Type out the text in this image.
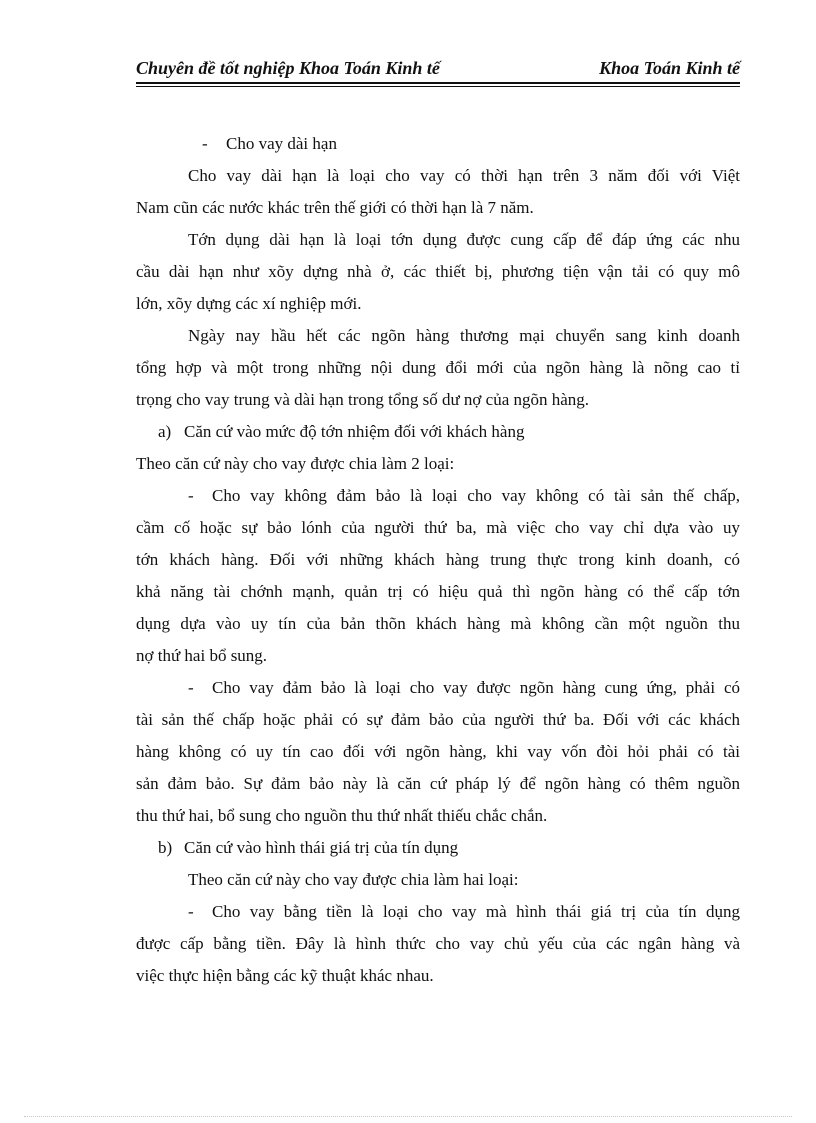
Chuyên đề tốt nghiệp Khoa Toán Kinh tế	Khoa Toán Kinh tế
- Cho vay dài hạn
Cho vay dài hạn là loại cho vay có thời hạn trên 3 năm đối với Việt
Nam cũn các nước khác trên thế giới có thời hạn là 7 năm.
Tớn dụng dài hạn là loại tớn dụng được cung cấp để đáp ứng các nhu
cầu dài hạn như xõy dựng nhà ở, các thiết bị, phương tiện vận tải có quy mô
lớn, xõy dựng các xí nghiệp mới.
Ngày nay hầu hết các ngõn hàng thương mại chuyển sang kinh doanh
tổng hợp và một trong những nội dung đổi mới của ngõn hàng là nõng cao tỉ
trọng cho vay trung và dài hạn trong tổng số dư nợ của ngõn hàng.
a) Căn cứ vào mức độ tớn nhiệm đối với khách hàng
Theo căn cứ này cho vay được chia làm 2 loại:
- Cho vay không đảm bảo là loại cho vay không có tài sản thế chấp,
cầm cố hoặc sự bảo lónh của người thứ ba, mà việc cho vay chỉ dựa vào uy
tớn khách hàng. Đối với những khách hàng trung thực trong kinh doanh, có
khả năng tài chớnh mạnh, quản trị có hiệu quả thì ngõn hàng có thể cấp tớn
dụng dựa vào uy tín của bản thõn khách hàng mà không cần một nguồn thu
nợ thứ hai bổ sung.
- Cho vay đảm bảo là loại cho vay được ngõn hàng cung ứng, phải có
tài sản thế chấp hoặc phải có sự đảm bảo của người thứ ba. Đối với các khách
hàng không có uy tín cao đối với ngõn hàng, khi vay vốn đòi hỏi phải có tài
sản đảm bảo. Sự đảm bảo này là căn cứ pháp lý để ngõn hàng có thêm nguồn
thu thứ hai, bổ sung cho nguồn thu thứ nhất thiếu chắc chắn.
b) Căn cứ vào hình thái giá trị của tín dụng
Theo căn cứ này cho vay được chia làm hai loại:
- Cho vay bằng tiền là loại cho vay mà hình thái giá trị của tín dụng
được cấp bằng tiền. Đây là hình thức cho vay chủ yếu của các ngân hàng và
việc thực hiện bằng các kỹ thuật khác nhau.
